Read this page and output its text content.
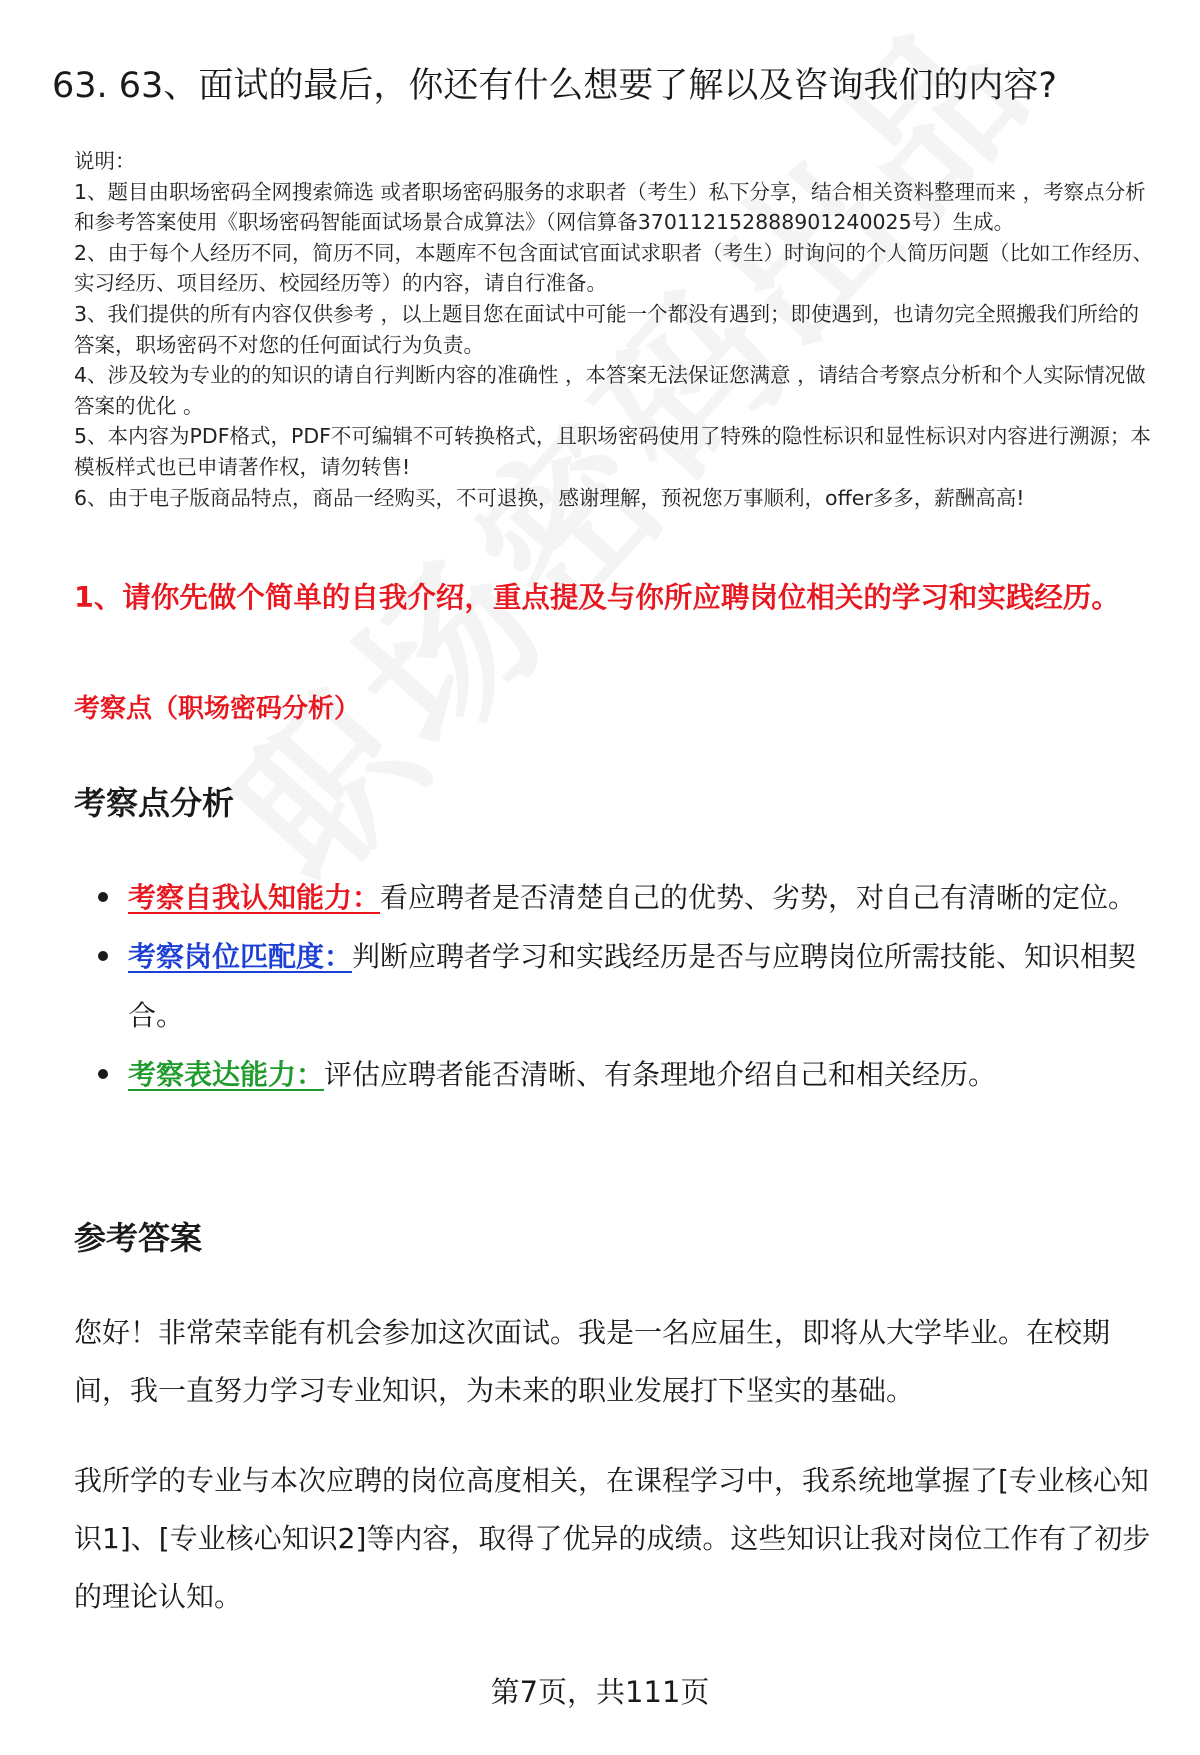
63. 63、面试的最后，你还有什么想要了解以及咨询我们的内容?

说明：

1、题目由职场密码全网搜索筛选 或者职场密码服务的求职者（考生）私下分享，结合相关资料整理而来 ，考察点分析和参考答案使用《职场密码智能面试场景合成算法》（网信算备370112152888901240025号）生成。

2、由于每个人经历不同，简历不同，本题库不包含面试官面试求职者（考生）时询问的个人简历问题（比如工作经历、实习经历、项目经历、校园经历等）的内容，请自行准备。

3、我们提供的所有内容仅供参考 ，以上题目您在面试中可能一个都没有遇到；即使遇到，也请勿完全照搬我们所给的答案，职场密码不对您的任何面试行为负责。

4、涉及较为专业的的知识的请自行判断内容的准确性 ，本答案无法保证您满意 ，请结合考察点分析和个人实际情况做答案的优化 。

5、本内容为PDF格式，PDF不可编辑不可转换格式，且职场密码使用了特殊的隐性标识和显性标识对内容进行溯源；本模板样式也已申请著作权，请勿转售!

6、由于电子版商品特点，商品一经购买，不可退换，感谢理解，预祝您万事顺利，offer多多，薪酬高高!

1、请你先做个简单的自我介绍，重点提及与你所应聘岗位相关的学习和实践经历。
考察点（职场密码分析）
考察点分析
考察自我认知能力：看应聘者是否清楚自己的优势、劣势，对自己有清晰的定位。
考察岗位匹配度：判断应聘者学习和实践经历是否与应聘岗位所需技能、知识相契合。
考察表达能力：评估应聘者能否清晰、有条理地介绍自己和相关经历。
参考答案

您好！非常荣幸能有机会参加这次面试。我是一名应届生，即将从大学毕业。在校期间，我一直努力学习专业知识，为未来的职业发展打下坚实的基础。

我所学的专业与本次应聘的岗位高度相关，在课程学习中，我系统地掌握了[专业核心知识1]、[专业核心知识2]等内容，取得了优异的成绩。这些知识让我对岗位工作有了初步的理论认知。

第7页，共111页
